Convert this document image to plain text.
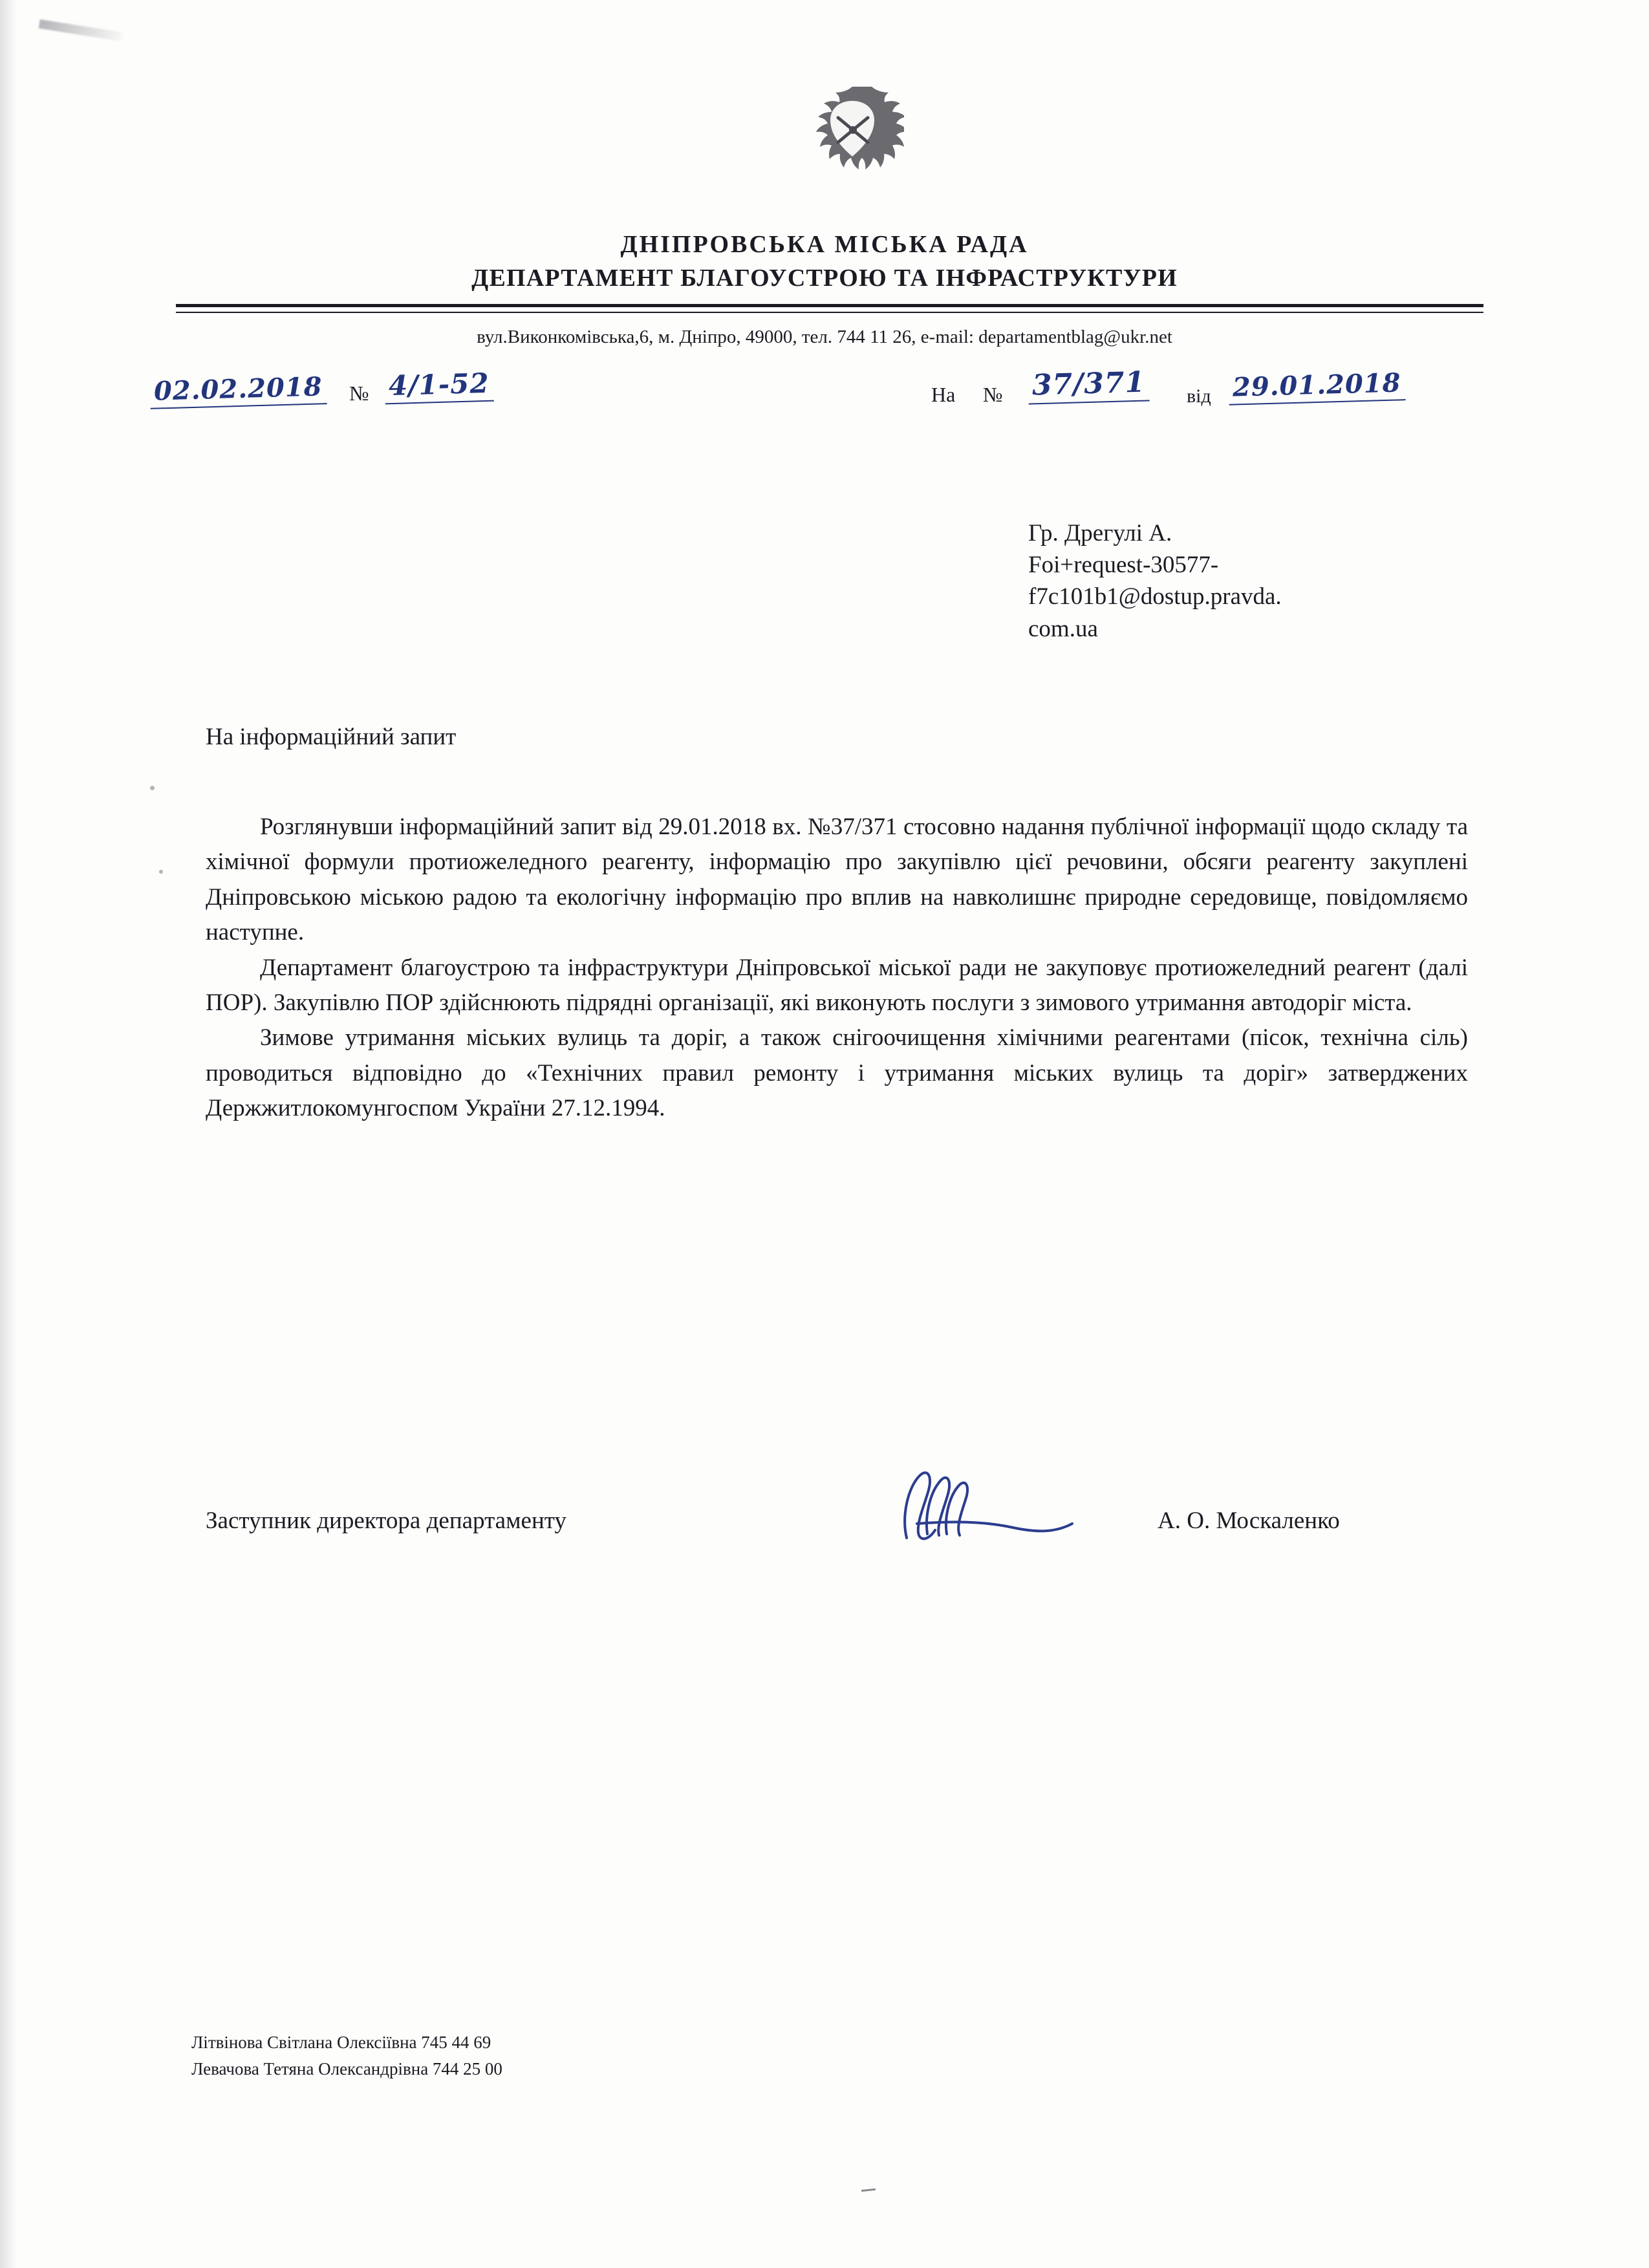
ДНІПРОВСЬКА МІСЬКА РАДА
ДЕПАРТАМЕНТ БЛАГОУСТРОЮ ТА ІНФРАСТРУКТУРИ
вул.Виконкомівська,6, м. Дніпро, 49000, тел. 744 11 26, e-mail: departamentblag@ukr.net
02.02.2018 № 4/1-52	На № 37/371 від 29.01.2018
Гр. Дрегулі А.
Foi+request-30577-
f7c101b1@dostup.pravda.
com.ua
На інформаційний запит

Розглянувши інформаційний запит від 29.01.2018 вх. №37/371 стосовно надання публічної інформації щодо складу та хімічної формули протиожеледного реагенту, інформацію про закупівлю цієї речовини, обсяги реагенту закуплені Дніпровською міською радою та екологічну інформацію про вплив на навколишнє природне середовище, повідомляємо наступне.

Департамент благоустрою та інфраструктури Дніпровської міської ради не закуповує протиожеледний реагент (далі ПОР). Закупівлю ПОР здійснюють підрядні організації, які виконують послуги з зимового утримання автодоріг міста.

Зимове утримання міських вулиць та доріг, а також снігоочищення хімічними реагентами (пісок, технічна сіль) проводиться відповідно до «Технічних правил ремонту і утримання міських вулиць та доріг» затверджених Держжитлокомунгоспом України 27.12.1994.

Заступник директора департаменту	А. О. Москаленко
Літвінова Світлана Олексіївна 745 44 69
Левачова Тетяна Олександрівна 744 25 00
